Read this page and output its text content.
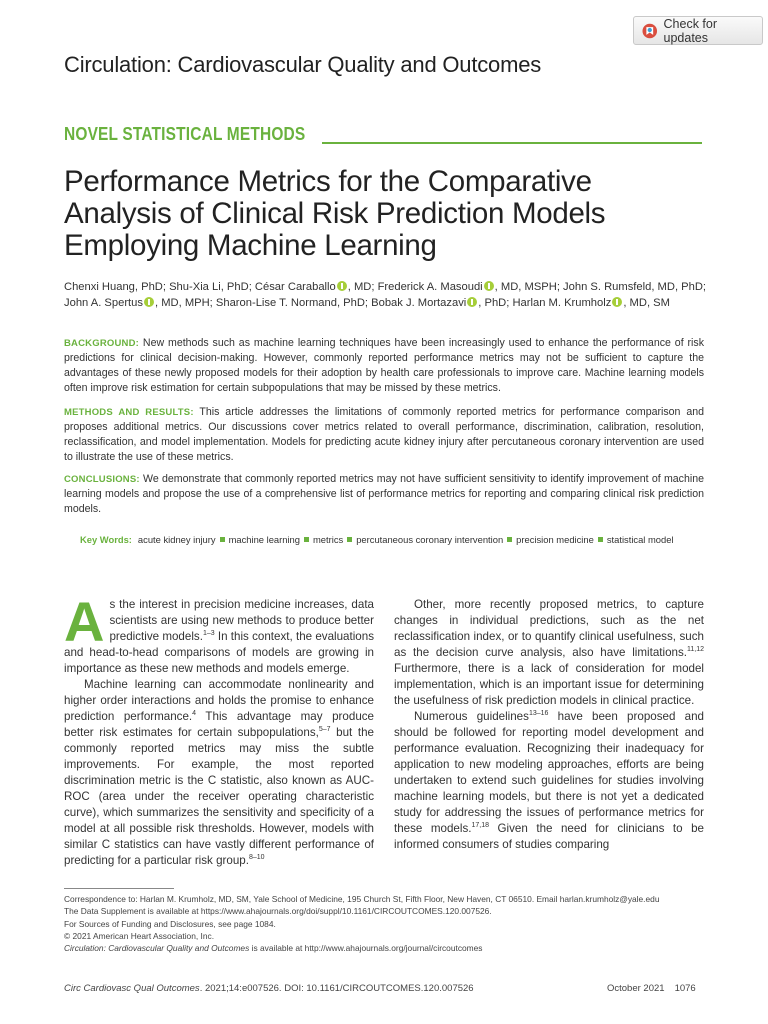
Check for updates
Circulation: Cardiovascular Quality and Outcomes
NOVEL STATISTICAL METHODS
Performance Metrics for the Comparative
Analysis of Clinical Risk Prediction Models
Employing Machine Learning
Chenxi Huang, PhD; Shu-Xia Li, PhD; César Caraballo , MD; Frederick A. Masoudi , MD, MSPH; John S. Rumsfeld, MD, PhD;
John A. Spertus , MD, MPH; Sharon-Lise T. Normand, PhD; Bobak J. Mortazavi , PhD; Harlan M. Krumholz , MD, SM
BACKGROUND: New methods such as machine learning techniques have been increasingly used to enhance the performance of risk predictions for clinical decision-making. However, commonly reported performance metrics may not be sufficient to capture the advantages of these newly proposed models for their adoption by health care professionals to improve care. Machine learning models often improve risk estimation for certain subpopulations that may be missed by these metrics.
METHODS AND RESULTS: This article addresses the limitations of commonly reported metrics for performance comparison and proposes additional metrics. Our discussions cover metrics related to overall performance, discrimination, calibration, resolution, reclassification, and model implementation. Models for predicting acute kidney injury after percutaneous coronary intervention are used to illustrate the use of these metrics.
CONCLUSIONS: We demonstrate that commonly reported metrics may not have sufficient sensitivity to identify improvement of machine learning models and propose the use of a comprehensive list of performance metrics for reporting and comparing clinical risk prediction models.
Key Words: acute kidney injury machine learning metrics percutaneous coronary intervention precision medicine statistical model

As the interest in precision medicine increases, data scientists are using new methods to produce better predictive models.$^{1-3}$ In this context, the evaluations and head-to-head comparisons of models are growing in importance as these new methods and models emerge.

Machine learning can accommodate nonlinearity and higher order interactions and holds the promise to enhance prediction performance.$^4$ This advantage may produce better risk estimates for certain subpopulations,$^{5-7}$ but the commonly reported metrics may miss the subtle improvements. For example, the most reported discrimination metric is the C statistic, also known as AUC-ROC (area under the receiver operating characteristic curve), which summarizes the sensitivity and specificity of a model at all possible risk thresholds. However, models with similar C statistics can have vastly different performance of predicting for a particular risk group.$^{8-10}$

Other, more recently proposed metrics, to capture changes in individual predictions, such as the net reclassification index, or to quantify clinical usefulness, such as the decision curve analysis, also have limitations.$^{11,12}$ Furthermore, there is a lack of consideration for model implementation, which is an important issue for determining the usefulness of risk prediction models in clinical practice.

Numerous guidelines$^{13-16}$ have been proposed and should be followed for reporting model development and performance evaluation. Recognizing their inadequacy for application to new modeling approaches, efforts are being undertaken to extend such guidelines for studies involving machine learning models, but there is not yet a dedicated study for addressing the issues of performance metrics for these models.$^{17,18}$ Given the need for clinicians to be informed consumers of studies comparing

Correspondence to: Harlan M. Krumholz, MD, SM, Yale School of Medicine, 195 Church St, Fifth Floor, New Haven, CT 06510. Email harlan.krumholz@yale.edu
The Data Supplement is available at https://www.ahajournals.org/doi/suppl/10.1161/CIRCOUTCOMES.120.007526.
For Sources of Funding and Disclosures, see page 1084.
© 2021 American Heart Association, Inc.
Circulation: Cardiovascular Quality and Outcomes is available at http://www.ahajournals.org/journal/circoutcomes
Circ Cardiovasc Qual Outcomes. 2021;14:e007526. DOI: 10.1161/CIRCOUTCOMES.120.007526	October 2021 1076
